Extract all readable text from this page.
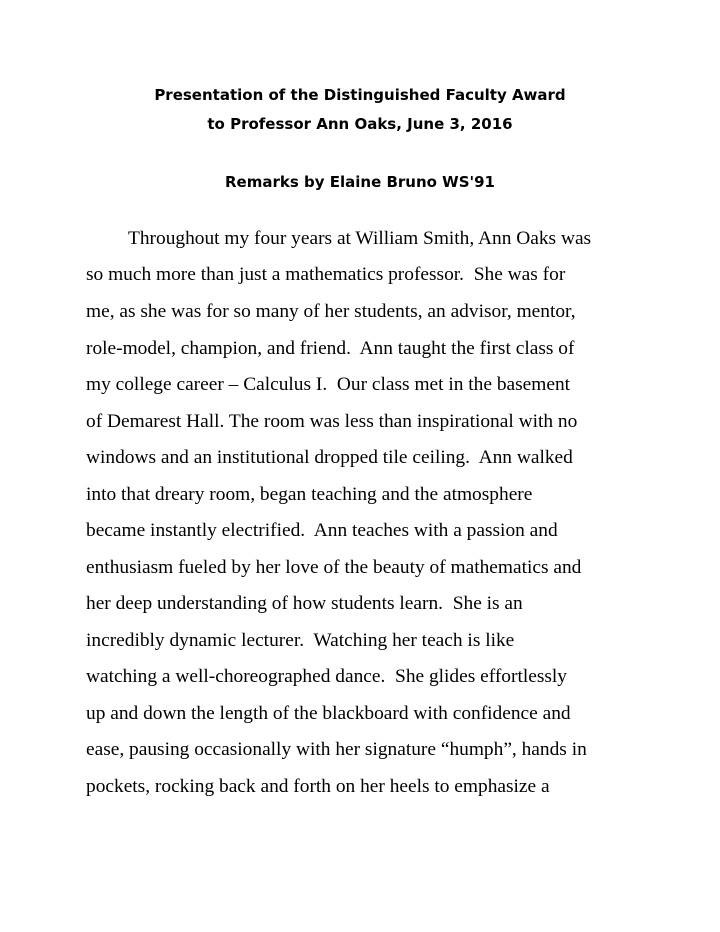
Presentation of the Distinguished Faculty Award
to Professor Ann Oaks, June 3, 2016
Remarks by Elaine Bruno WS'91
Throughout my four years at William Smith, Ann Oaks was
so much more than just a mathematics professor.  She was for
me, as she was for so many of her students, an advisor, mentor,
role-model, champion, and friend.  Ann taught the first class of
my college career – Calculus I.  Our class met in the basement
of Demarest Hall. The room was less than inspirational with no
windows and an institutional dropped tile ceiling.  Ann walked
into that dreary room, began teaching and the atmosphere
became instantly electrified.  Ann teaches with a passion and
enthusiasm fueled by her love of the beauty of mathematics and
her deep understanding of how students learn.  She is an
incredibly dynamic lecturer.  Watching her teach is like
watching a well-choreographed dance.  She glides effortlessly
up and down the length of the blackboard with confidence and
ease, pausing occasionally with her signature “humph”, hands in
pockets, rocking back and forth on her heels to emphasize a
